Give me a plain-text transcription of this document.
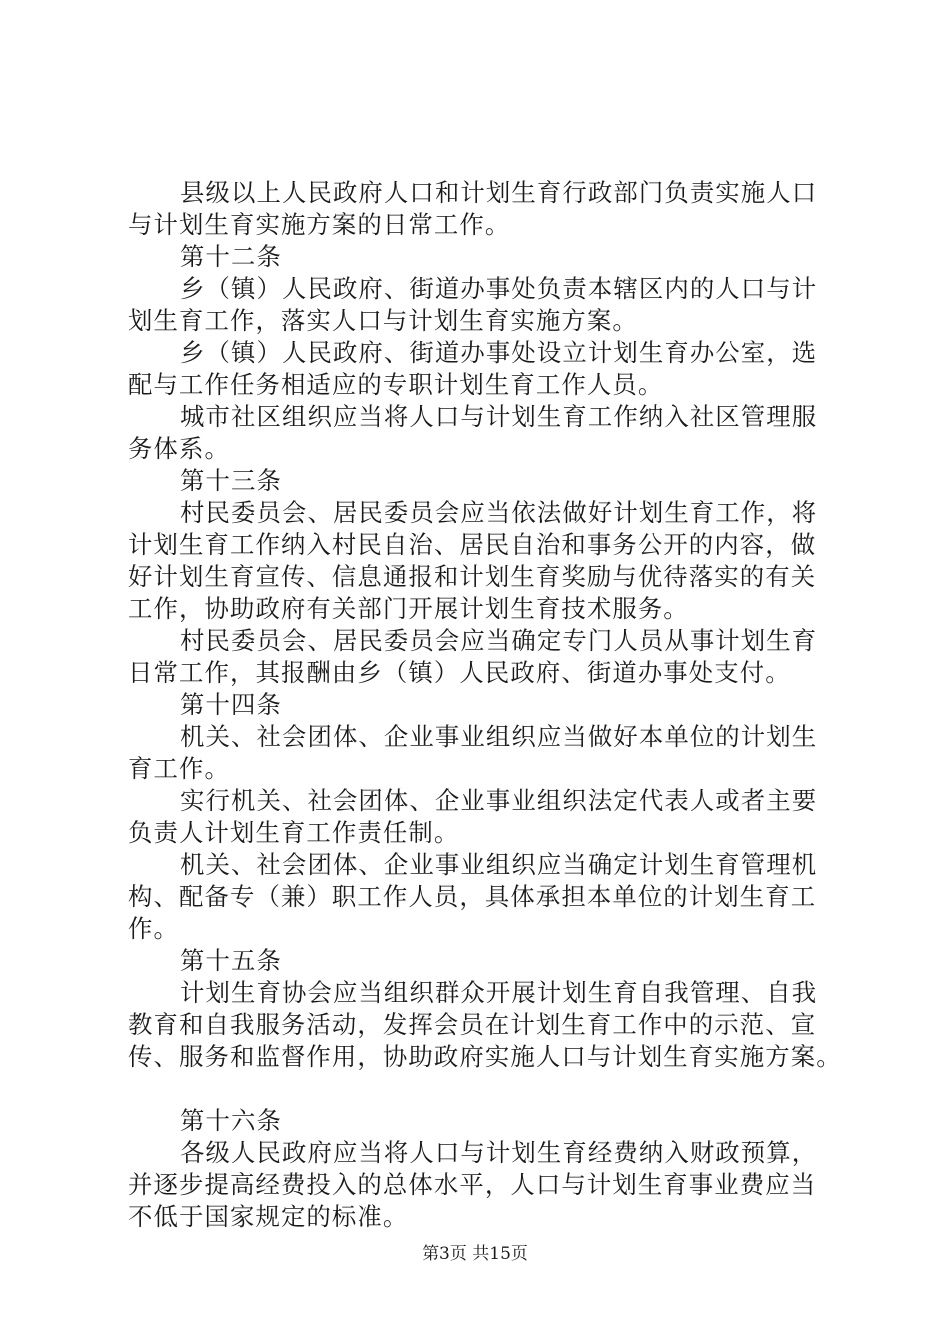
县级以上人民政府人口和计划生育行政部门负责实施人口
与计划生育实施方案的日常工作。
第十二条
乡（镇）人民政府、街道办事处负责本辖区内的人口与计
划生育工作，落实人口与计划生育实施方案。
乡（镇）人民政府、街道办事处设立计划生育办公室，选
配与工作任务相适应的专职计划生育工作人员。
城市社区组织应当将人口与计划生育工作纳入社区管理服
务体系。
第十三条
村民委员会、居民委员会应当依法做好计划生育工作，将
计划生育工作纳入村民自治、居民自治和事务公开的内容，做
好计划生育宣传、信息通报和计划生育奖励与优待落实的有关
工作，协助政府有关部门开展计划生育技术服务。
村民委员会、居民委员会应当确定专门人员从事计划生育
日常工作，其报酬由乡（镇）人民政府、街道办事处支付。
第十四条
机关、社会团体、企业事业组织应当做好本单位的计划生
育工作。
实行机关、社会团体、企业事业组织法定代表人或者主要
负责人计划生育工作责任制。
机关、社会团体、企业事业组织应当确定计划生育管理机
构、配备专（兼）职工作人员，具体承担本单位的计划生育工
作。
第十五条
计划生育协会应当组织群众开展计划生育自我管理、自我
教育和自我服务活动，发挥会员在计划生育工作中的示范、宣
传、服务和监督作用，协助政府实施人口与计划生育实施方案。
第十六条
各级人民政府应当将人口与计划生育经费纳入财政预算，
并逐步提高经费投入的总体水平，人口与计划生育事业费应当
不低于国家规定的标准。
第3页 共15页
